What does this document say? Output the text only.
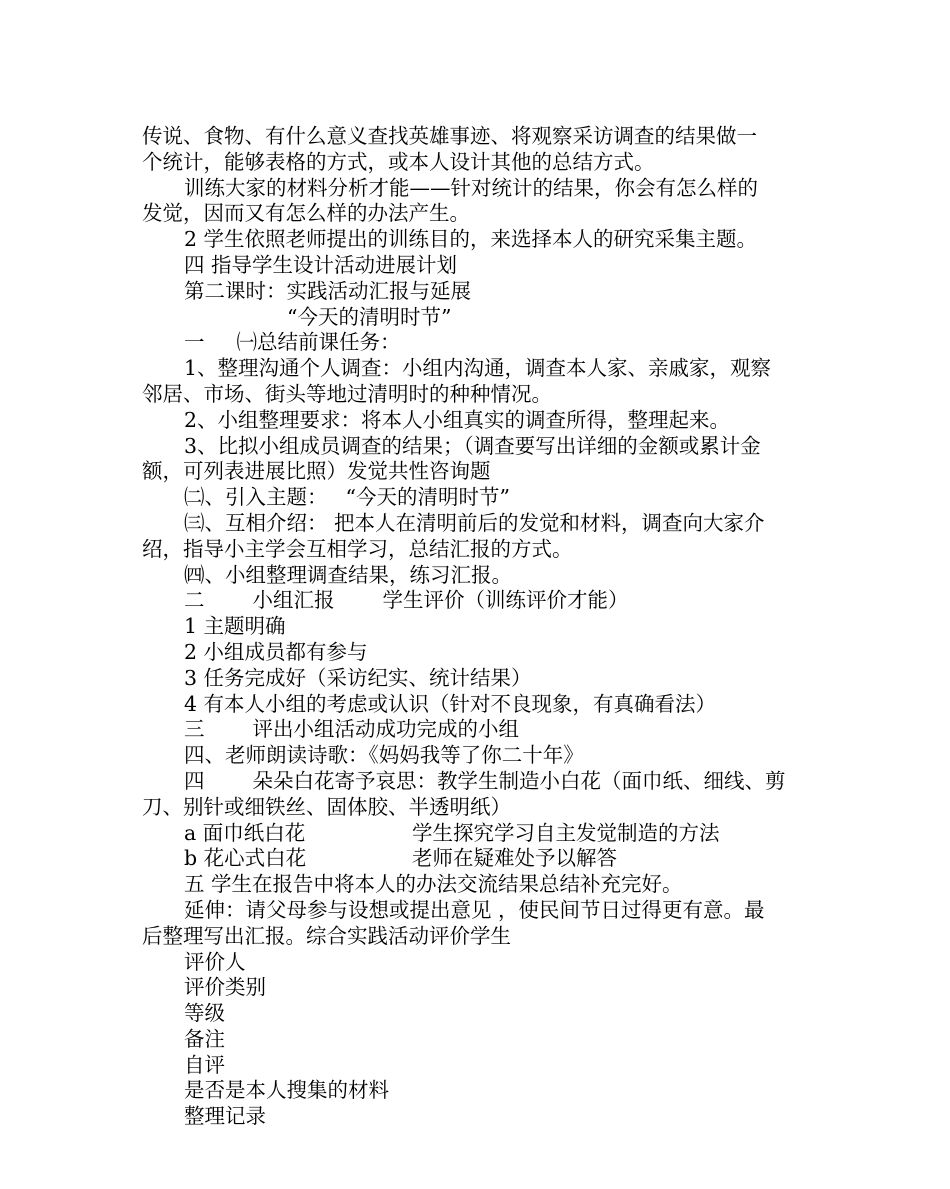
传说、食物、有什么意义查找英雄事迹、将观察采访调查的结果做一

个统计，能够表格的方式，或本人设计其他的总结方式。

训练大家的材料分析才能——针对统计的结果，你会有怎么样的

发觉，因而又有怎么样的办法产生。

2 学生依照老师提出的训练目的，来选择本人的研究采集主题。

四 指导学生设计活动进展计划

第二课时：实践活动汇报与延展

“今天的清明时节”

一 ㈠总结前课任务：

1、整理沟通个人调查：小组内沟通，调查本人家、亲戚家，观察

邻居、市场、街头等地过清明时的种种情况。

2、小组整理要求：将本人小组真实的调查所得，整理起来。

3、比拟小组成员调查的结果；（调查要写出详细的金额或累计金

额，可列表进展比照）发觉共性咨询题

㈡、引入主题： “今天的清明时节”

㈢、互相介绍： 把本人在清明前后的发觉和材料，调查向大家介

绍，指导小主学会互相学习，总结汇报的方式。

㈣、小组整理调查结果，练习汇报。

二 小组汇报 学生评价（训练评价才能）

1 主题明确

2 小组成员都有参与

3 任务完成好（采访纪实、统计结果）

4 有本人小组的考虑或认识（针对不良现象，有真确看法）

三 评出小组活动成功完成的小组

四、老师朗读诗歌：《妈妈我等了你二十年》

四 朵朵白花寄予哀思：教学生制造小白花（面巾纸、细线、剪

刀、别针或细铁丝、固体胶、半透明纸）

a 面巾纸白花	学生探究学习自主发觉制造的方法

b 花心式白花	老师在疑难处予以解答

五 学生在报告中将本人的办法交流结果总结补充完好。

延伸：请父母参与设想或提出意见 ，使民间节日过得更有意。最

后整理写出汇报。综合实践活动评价学生

评价人

评价类别

等级

备注

自评

是否是本人搜集的材料

整理记录
